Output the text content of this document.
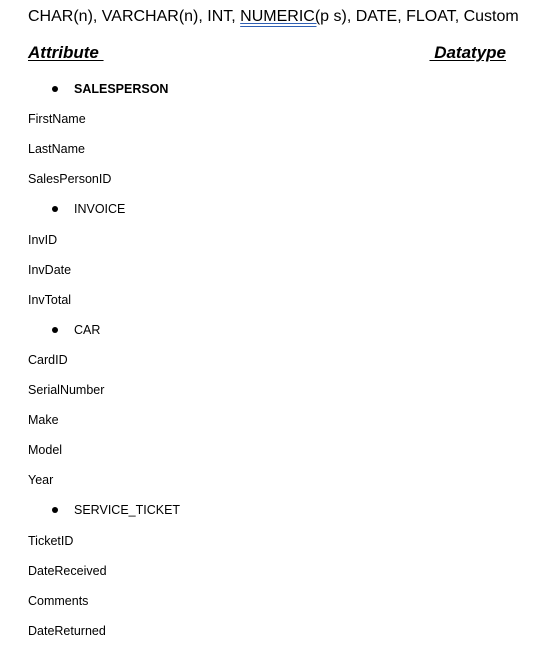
CHAR(n), VARCHAR(n), INT, NUMERIC(p s), DATE, FLOAT, Custom
Attribute	Datatype
SALESPERSON
FirstName
LastName
SalesPersonID
INVOICE
InvID
InvDate
InvTotal
CAR
CardID
SerialNumber
Make
Model
Year
SERVICE_TICKET
TicketID
DateReceived
Comments
DateReturned
